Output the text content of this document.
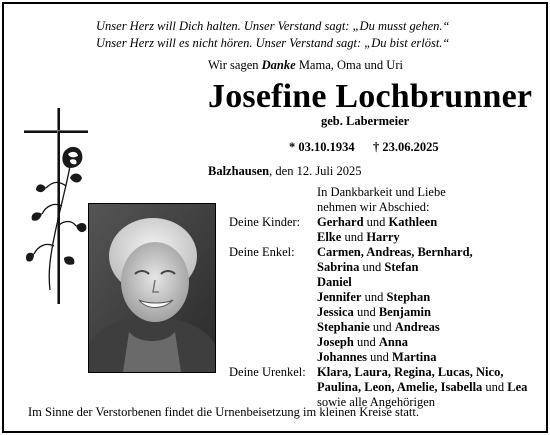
Unser Herz will Dich halten. Unser Verstand sagt: „Du musst gehen.“
Unser Herz will es nicht hören. Unser Verstand sagt: „Du bist erlöst.“
Wir sagen Danke Mama, Oma und Uri
Josefine Lochbrunner
geb. Labermeier
* 03.10.1934 † 23.06.2025
Balzhausen, den 12. Juli 2025
In Dankbarkeit und Liebe
nehmen wir Abschied:
Deine Kinder: Gerhard und Kathleen
Elke und Harry
Deine Enkel: Carmen, Andreas, Bernhard,
Sabrina und Stefan
Daniel
Jennifer und Stephan
Jessica und Benjamin
Stephanie und Andreas
Joseph und Anna
Johannes und Martina
Deine Urenkel: Klara, Laura, Regina, Lucas, Nico,
Paulina, Leon, Amelie, Isabella und Lea
sowie alle Angehörigen
Im Sinne der Verstorbenen findet die Urnenbeisetzung im kleinen Kreise statt.
